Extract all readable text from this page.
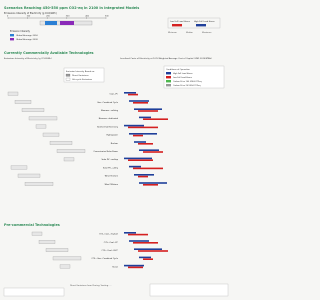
Scenarios Reaching 450-550 ppm CO2-eq in 2100 in Integrated Models
Emissions Intensity of Electricity (g CO2/kWh)
0	100	200	300	400	500
Emission Intensity
Global Average 2050
Global Average 2030
Low Full Load Hours High Full Load Hours
Minimum	Median	Maximum
Currently Commercially Available Technologies
Emissions Intensity of Electricity (g CO2/kWh)	Levelized Costs of Electricity at 10% Weighted Average Cost of Capital (USD 2010/MWh)
Emission Intensity Based on:
Direct Emissions
Life-cycle Emissions
Conditions of Operation
High Full Load Hours
Low Full Load Hours
Carbon Price 100 USD/tCO2eq
Carbon Price 20 USD/tCO2eq
Coal—PC
Gas—Combined Cycle
Biomass—cofiring
Biomass—dedicated
Geothermal Electricity
Hydropower
Nuclear
Concentrated Solar Power
Solar PV—rooftop
Solar PV—utility
Wind Onshore
Wind Offshore
CCS—Coal—Oxyfuel
CCS—Coal—PC
CCS—Coal—IGCC
CCS—Gas—Combined Cycle
Ocean
Pre-commercial Technologies
Direct Emissions from Flaring, Venting, ...
